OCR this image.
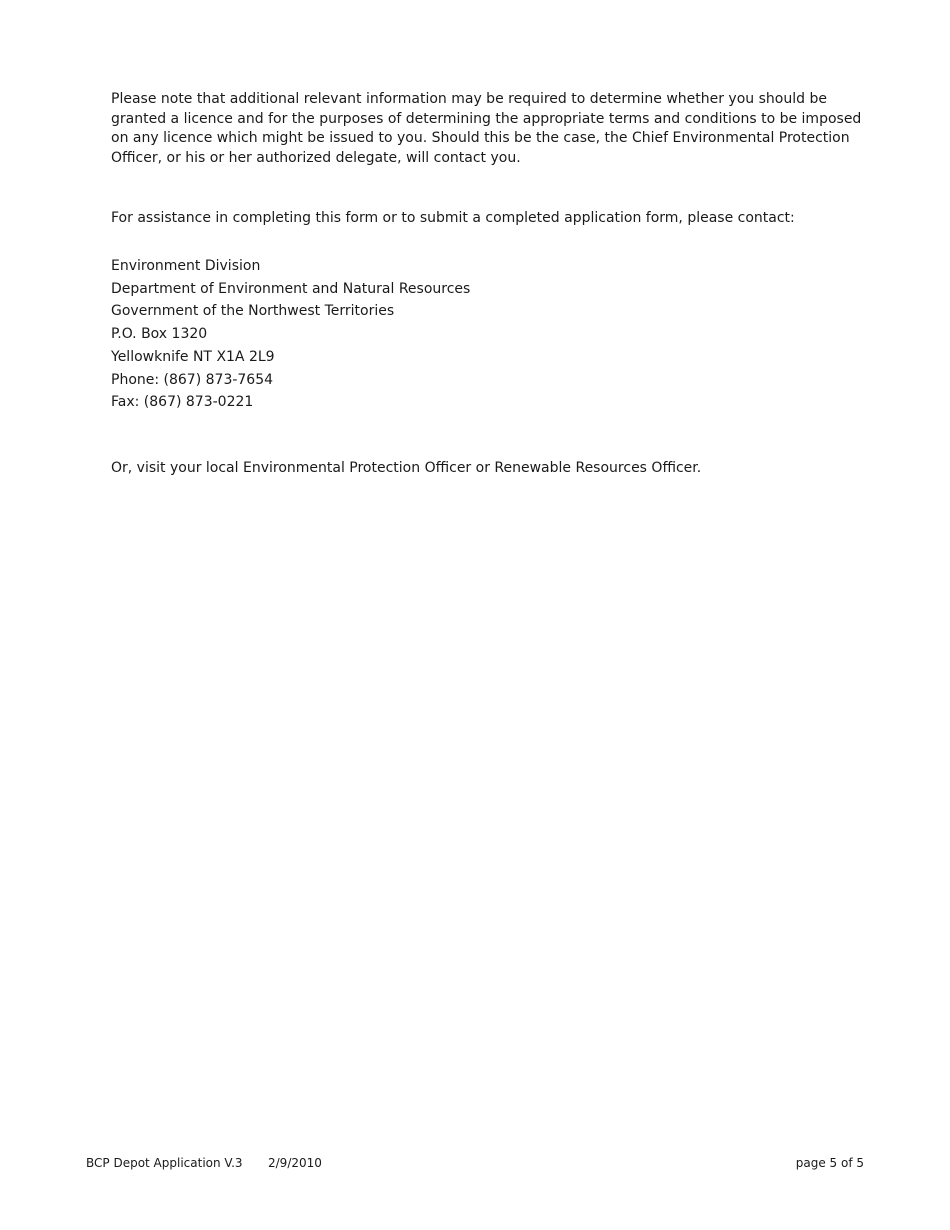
Please note that additional relevant information may be required to determine whether you should be granted a licence and for the purposes of determining the appropriate terms and conditions to be imposed on any licence which might be issued to you. Should this be the case, the Chief Environmental Protection Officer, or his or her authorized delegate, will contact you.

For assistance in completing this form or to submit a completed application form, please contact:

Environment Division
Department of Environment and Natural Resources
Government of the Northwest Territories
P.O. Box 1320
Yellowknife NT X1A 2L9
Phone: (867) 873-7654
Fax: (867) 873-0221

Or, visit your local Environmental Protection Officer or Renewable Resources Officer.

BCP Depot Application V.3 2/9/2010	page 5 of 5
